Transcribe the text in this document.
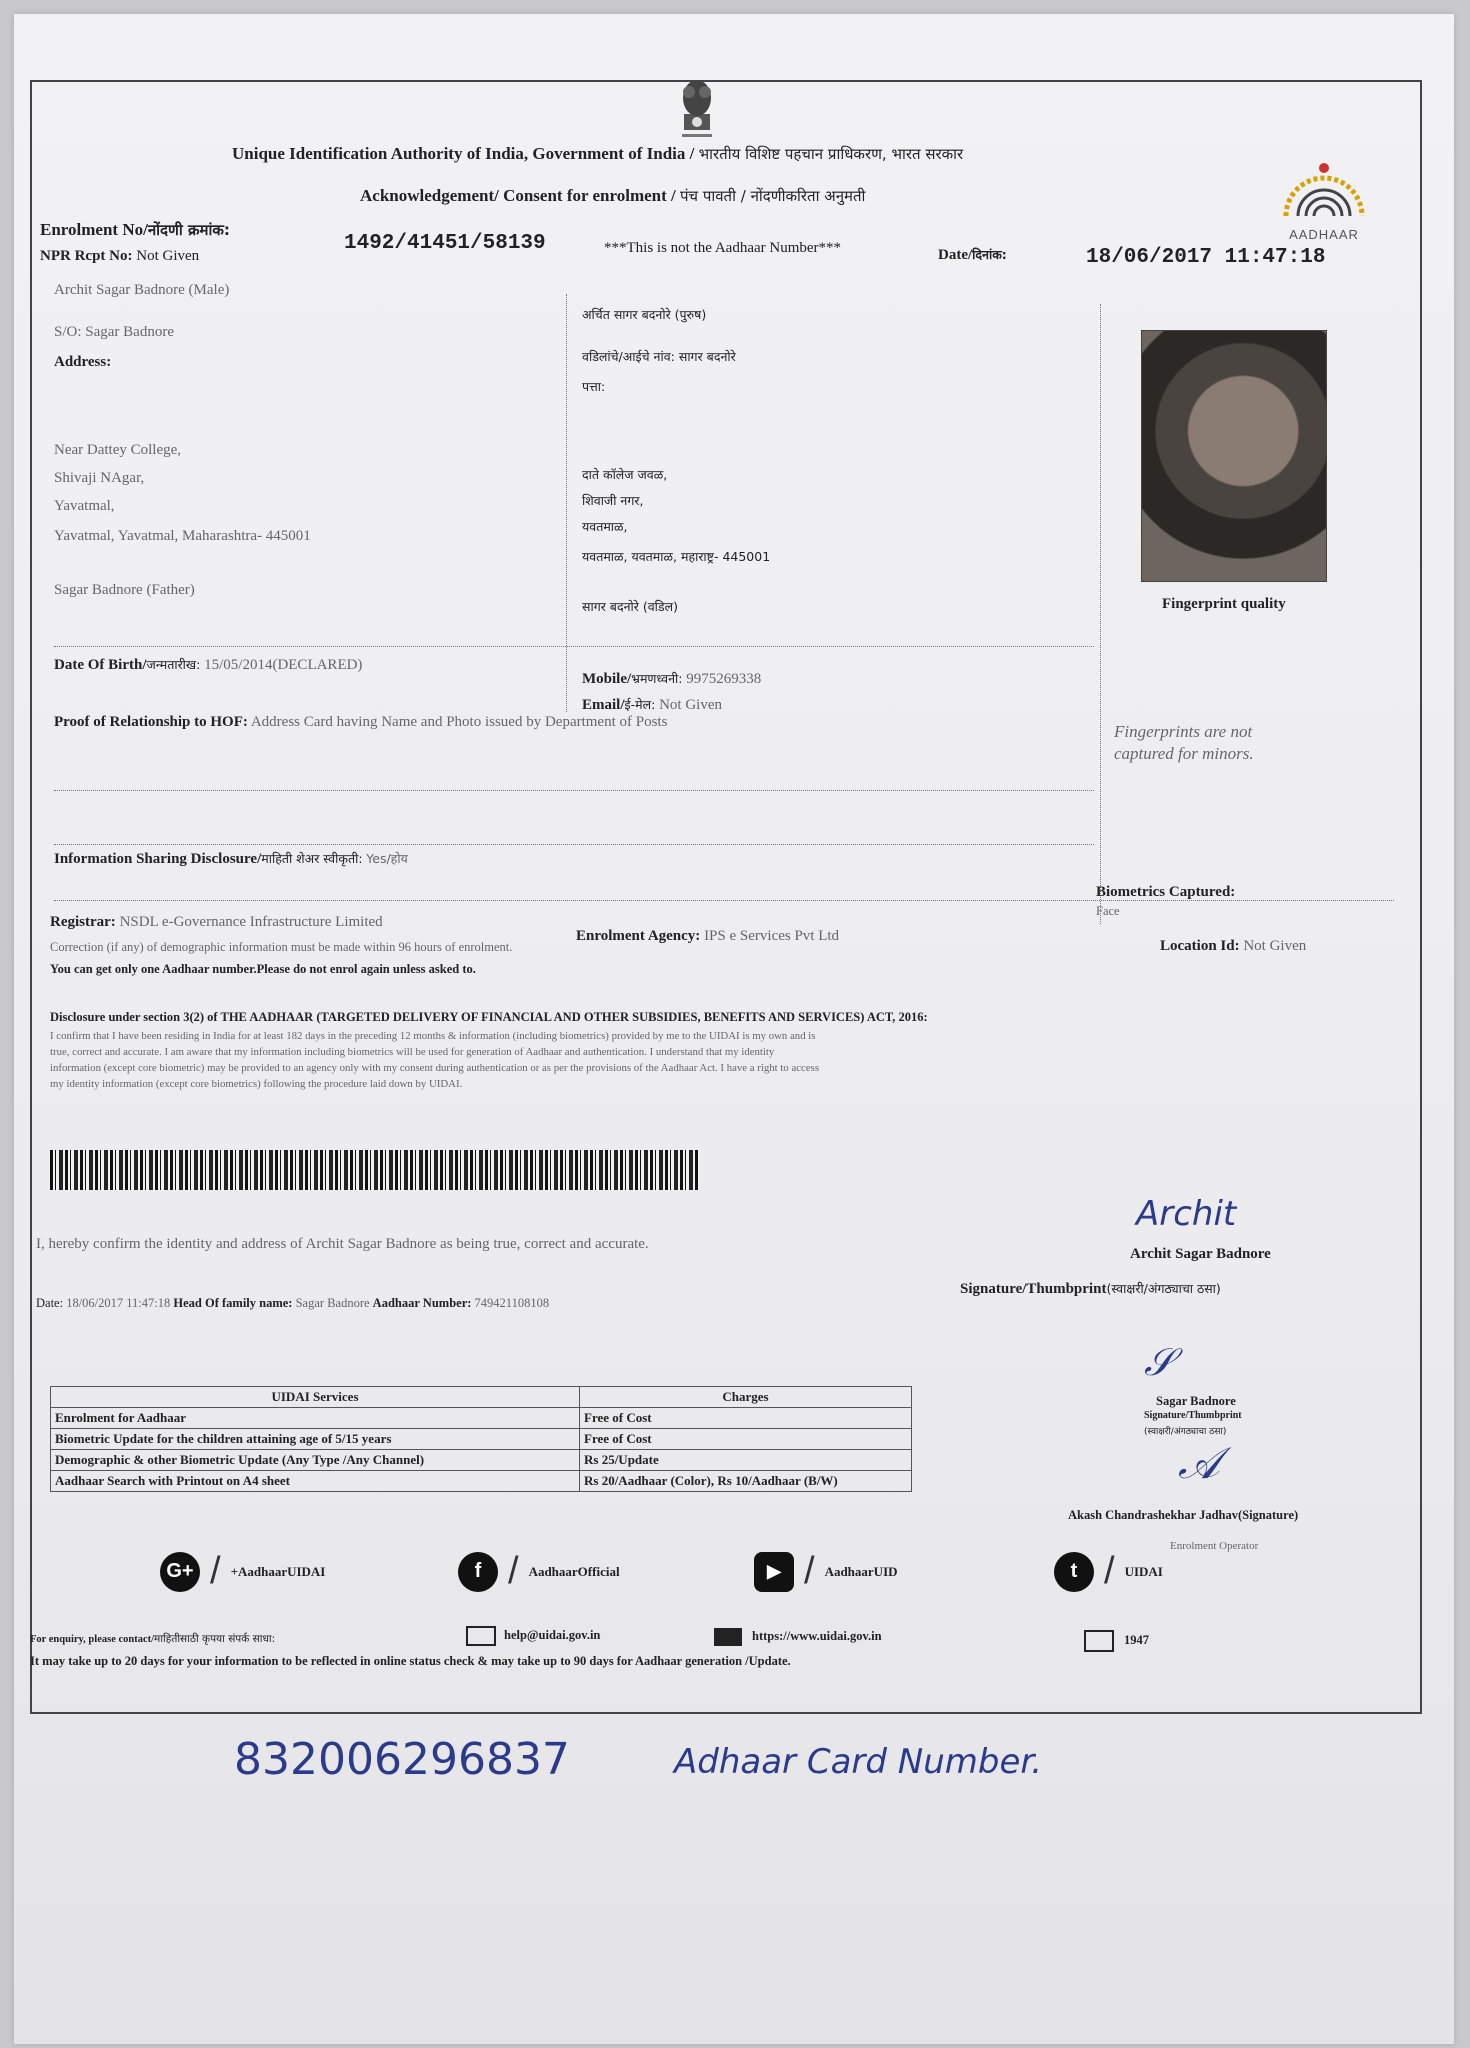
AADHAAR
Unique Identification Authority of India, Government of India / भारतीय विशिष्ट पहचान प्राधिकरण, भारत सरकार
Acknowledgement/ Consent for enrolment / पंच पावती / नोंदणीकरिता अनुमती
Enrolment No/नोंदणी क्रमांक:
1492/41451/58139	***This is not the Aadhaar Number***	Date/दिनांक:	18/06/2017 11:47:18
NPR Rcpt No: Not Given
Archit Sagar Badnore (Male)
S/O: Sagar Badnore
Address:
Near Dattey College,
Shivaji NAgar,
Yavatmal,
Yavatmal, Yavatmal, Maharashtra- 445001
Sagar Badnore (Father)
अर्चित सागर बदनोरे (पुरुष)
वडिलांचे/आईचे नांव: सागर बदनोरे
पत्ता:
दाते कॉलेज जवळ,
शिवाजी नगर,
यवतमाळ,
यवतमाळ, यवतमाळ, महाराष्ट्र- 445001
सागर बदनोरे (वडिल)
Date Of Birth/जन्मतारीख: 15/05/2014(DECLARED)
Mobile/भ्रमणध्वनी: 9975269338
Email/ई-मेल: Not Given
Proof of Relationship to HOF: Address Card having Name and Photo issued by Department of Posts
Information Sharing Disclosure/माहिती शेअर स्वीकृती: Yes/होय
Fingerprint quality
Fingerprints are not
captured for minors.
Biometrics Captured:
Face
Location Id: Not Given
Registrar: NSDL e-Governance Infrastructure Limited
Enrolment Agency: IPS e Services Pvt Ltd
Correction (if any) of demographic information must be made within 96 hours of enrolment.
You can get only one Aadhaar number.Please do not enrol again unless asked to.
Disclosure under section 3(2) of THE AADHAAR (TARGETED DELIVERY OF FINANCIAL AND OTHER SUBSIDIES, BENEFITS AND SERVICES) ACT, 2016:
I confirm that I have been residing in India for at least 182 days in the preceding 12 months & information (including biometrics) provided by me to the UIDAI is my own and is
true, correct and accurate. I am aware that my information including biometrics will be used for generation of Aadhaar and authentication. I understand that my identity
information (except core biometric) may be provided to an agency only with my consent during authentication or as per the provisions of the Aadhaar Act. I have a right to access
my identity information (except core biometrics) following the procedure laid down by UIDAI.
I, hereby confirm the identity and address of Archit Sagar Badnore as being true, correct and accurate.
Archit
Archit Sagar Badnore
Signature/Thumbprint(स्वाक्षरी/अंगठ्याचा ठसा)
Date: 18/06/2017 11:47:18 Head Of family name: Sagar Badnore Aadhaar Number: 749421108108
UIDAI Services	Charges
Enrolment for Aadhaar	Free of Cost
Biometric Update for the children attaining age of 5/15 years	Free of Cost
Demographic & other Biometric Update (Any Type /Any Channel)	Rs 25/Update
Aadhaar Search with Printout on A4 sheet	Rs 20/Aadhaar (Color), Rs 10/Aadhaar (B/W)
𝒮
Sagar Badnore
Signature/Thumbprint
(स्वाक्षरी/अंगठ्याचा ठसा)
𝒜
Akash Chandrashekhar Jadhav(Signature)
Enrolment Operator
G+ / +AadhaarUIDAI	f / AadhaarOfficial	▶ / AadhaarUID	t / UIDAI
For enquiry, please contact/माहितीसाठी कृपया संपर्क साधा:	help@uidai.gov.in	https://www.uidai.gov.in	1947
It may take up to 20 days for your information to be reflected in online status check & may take up to 90 days for Aadhaar generation /Update.
832006296837	Adhaar Card Number.
